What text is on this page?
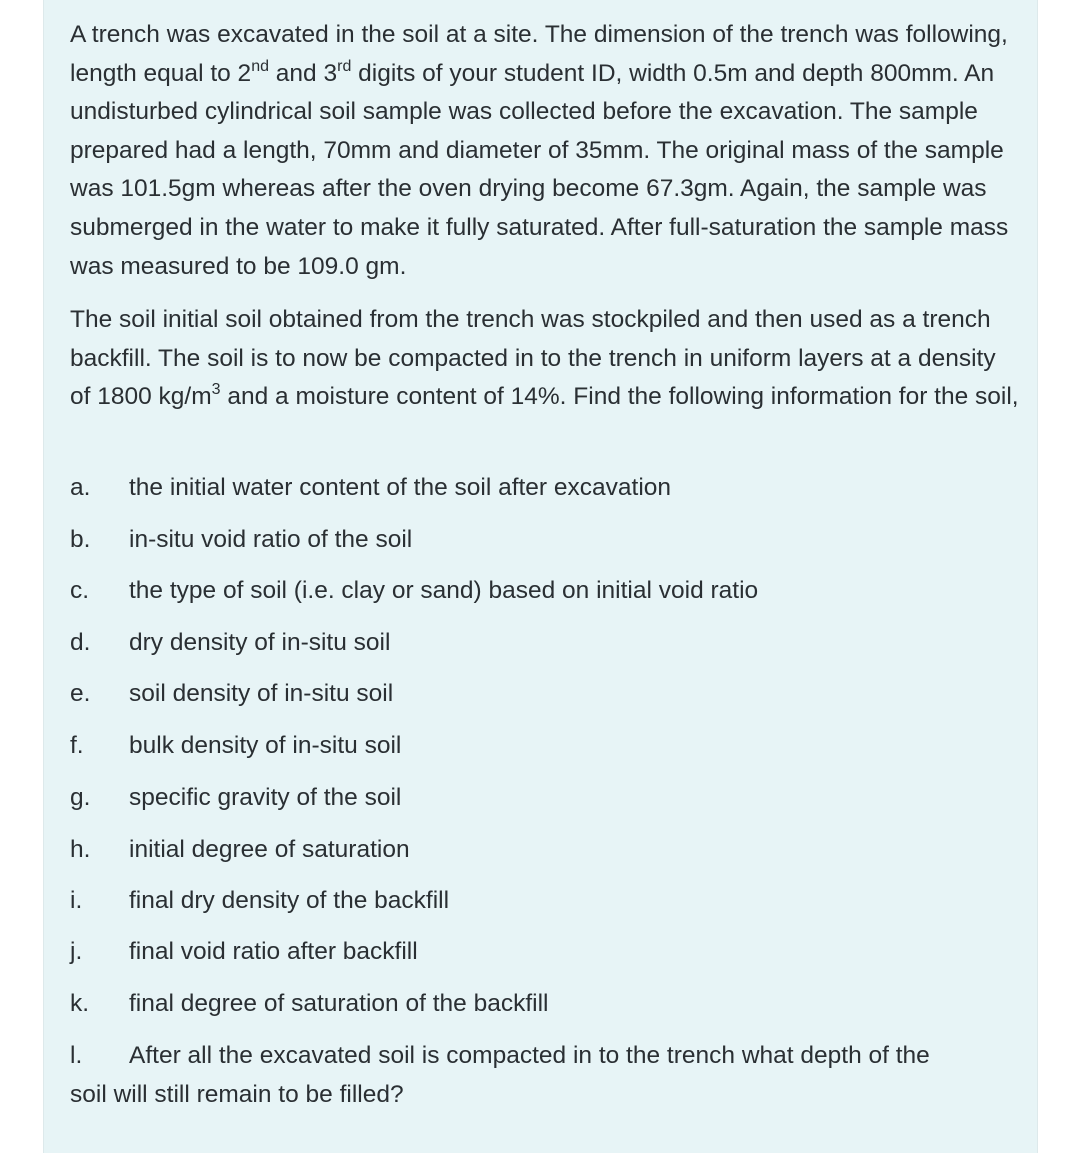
A trench was excavated in the soil at a site. The dimension of the trench was following, length equal to 2nd and 3rd digits of your student ID, width 0.5m and depth 800mm. An undisturbed cylindrical soil sample was collected before the excavation. The sample prepared had a length, 70mm and diameter of 35mm. The original mass of the sample was 101.5gm whereas after the oven drying become 67.3gm. Again, the sample was submerged in the water to make it fully saturated. After full-saturation the sample mass was measured to be 109.0 gm.

The soil initial soil obtained from the trench was stockpiled and then used as a trench backfill. The soil is to now be compacted in to the trench in uniform layers at a density of 1800 $kg/m^3$ and a moisture content of 14%. Find the following information for the soil,

a. the initial water content of the soil after excavation
b. in-situ void ratio of the soil
c. the type of soil (i.e. clay or sand) based on initial void ratio
d. dry density of in-situ soil
e. soil density of in-situ soil
f. bulk density of in-situ soil
g. specific gravity of the soil
h. initial degree of saturation
i. final dry density of the backfill
j. final void ratio after backfill
k. final degree of saturation of the backfill
l. After all the excavated soil is compacted in to the trench what depth of the
soil will still remain to be filled?
